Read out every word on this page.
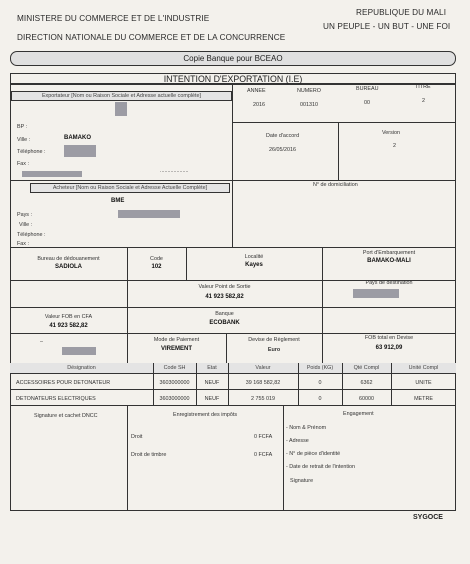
MINISTERE DU COMMERCE ET DE L'INDUSTRIE
DIRECTION NATIONALE DU COMMERCE ET DE LA CONCURRENCE
REPUBLIQUE DU MALI
UN PEUPLE - UN BUT - UNE FOI
Copie Banque pour BCEAO
INTENTION D'EXPORTATION (I.E)
Exportateur [Nom ou Raison Sociale et Adresse actuelle complète]
BP :
Ville :	BAMAKO
Téléphone :
Fax :
...................
ANNEE
2016
NUMERO
001310
BUREAU
00
TITRE
2
Date d'accord
26/05/2016
Version
2
Acheteur [Nom ou Raison Sociale et Adresse Actuelle Complète]	N° de domiciliation
BME
Pays :
Ville :
Téléphone :
Fax :
Bureau de dédouanement
SADIOLA
Code
102
Localité
Kayes
Port d'Embarquement
BAMAKO-MALI
Valeur Point de Sortie
41 923 582,82
Pays de destination
Valeur FOB en CFA
41 923 582,82
Banque
ECOBANK
–	Mode de Paiement
VIREMENT
Devise de Règlement
Euro
FOB total en Devise
63 912,09
Désignation	Code SH	Etat	Valeur	Poids (KG)	Qté Compl	Unité Compl
ACCESSOIRES POUR DETONATEUR	3603000000	NEUF	39 168 582,82	0	6362	UNITE
DETONATEURS ELECTRIQUES	3603000000	NEUF	2 755 019	0	60000	METRE
Signature et cachet DNCC	Enregistrement des impôts
Droit	0 FCFA
Droit de timbre	0 FCFA
Engagement
- Nom & Prénom
- Adresse
- N° de pièce d'identité
- Date de retrait de l'intention
Signature
SYGOCE
